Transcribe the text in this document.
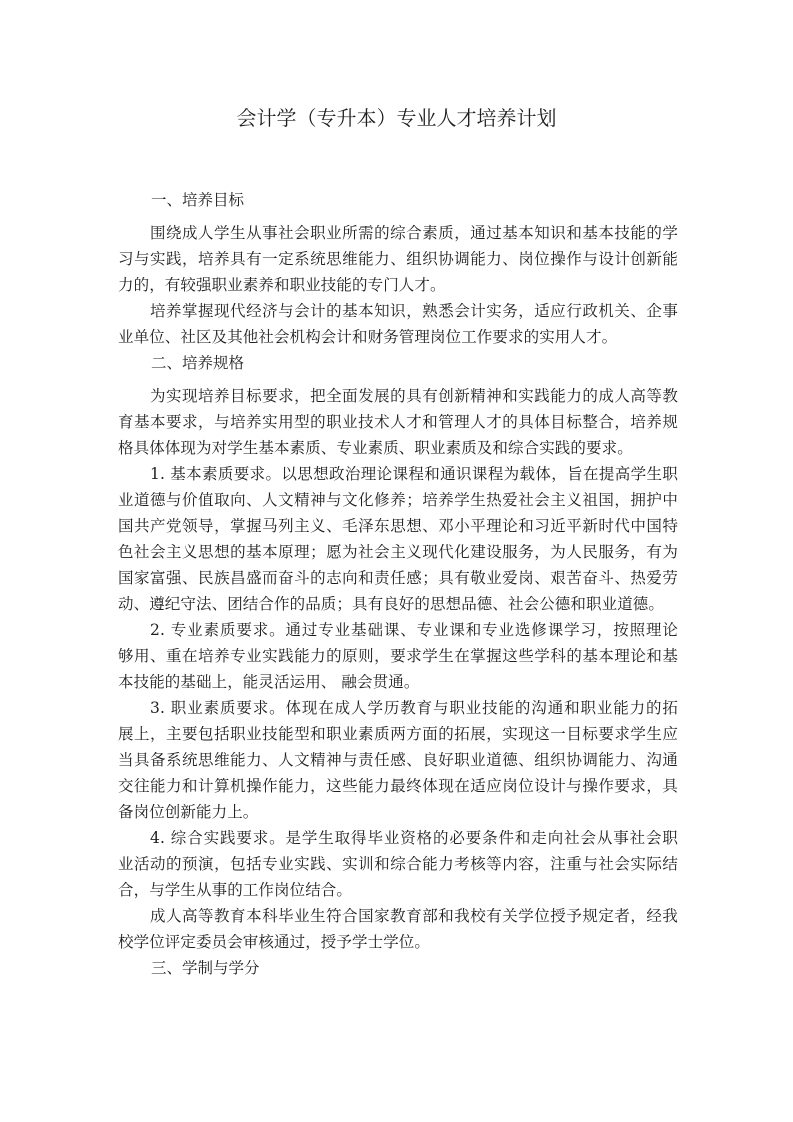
会计学（专升本）专业人才培养计划
一、培养目标
围绕成人学生从事社会职业所需的综合素质，通过基本知识和基本技能的学
习与实践，培养具有一定系统思维能力、组织协调能力、岗位操作与设计创新能
力的，有较强职业素养和职业技能的专门人才。
培养掌握现代经济与会计的基本知识，熟悉会计实务，适应行政机关、企事
业单位、社区及其他社会机构会计和财务管理岗位工作要求的实用人才。
二、培养规格
为实现培养目标要求，把全面发展的具有创新精神和实践能力的成人高等教
育基本要求，与培养实用型的职业技术人才和管理人才的具体目标整合，培养规
格具体体现为对学生基本素质、专业素质、职业素质及和综合实践的要求。
1. 基本素质要求。以思想政治理论课程和通识课程为载体，旨在提高学生职
业道德与价值取向、人文精神与文化修养；培养学生热爱社会主义祖国，拥护中
国共产党领导，掌握马列主义、毛泽东思想、邓小平理论和习近平新时代中国特
色社会主义思想的基本原理；愿为社会主义现代化建设服务，为人民服务，有为
国家富强、民族昌盛而奋斗的志向和责任感；具有敬业爱岗、艰苦奋斗、热爱劳
动、遵纪守法、团结合作的品质；具有良好的思想品德、社会公德和职业道德。
2. 专业素质要求。通过专业基础课、专业课和专业选修课学习，按照理论
够用、重在培养专业实践能力的原则，要求学生在掌握这些学科的基本理论和基
本技能的基础上，能灵活运用、 融会贯通。
3. 职业素质要求。体现在成人学历教育与职业技能的沟通和职业能力的拓
展上，主要包括职业技能型和职业素质两方面的拓展，实现这一目标要求学生应
当具备系统思维能力、人文精神与责任感、良好职业道德、组织协调能力、沟通
交往能力和计算机操作能力，这些能力最终体现在适应岗位设计与操作要求，具
备岗位创新能力上。
4. 综合实践要求。是学生取得毕业资格的必要条件和走向社会从事社会职
业活动的预演，包括专业实践、实训和综合能力考核等内容，注重与社会实际结
合，与学生从事的工作岗位结合。
成人高等教育本科毕业生符合国家教育部和我校有关学位授予规定者，经我
校学位评定委员会审核通过，授予学士学位。
三、学制与学分
